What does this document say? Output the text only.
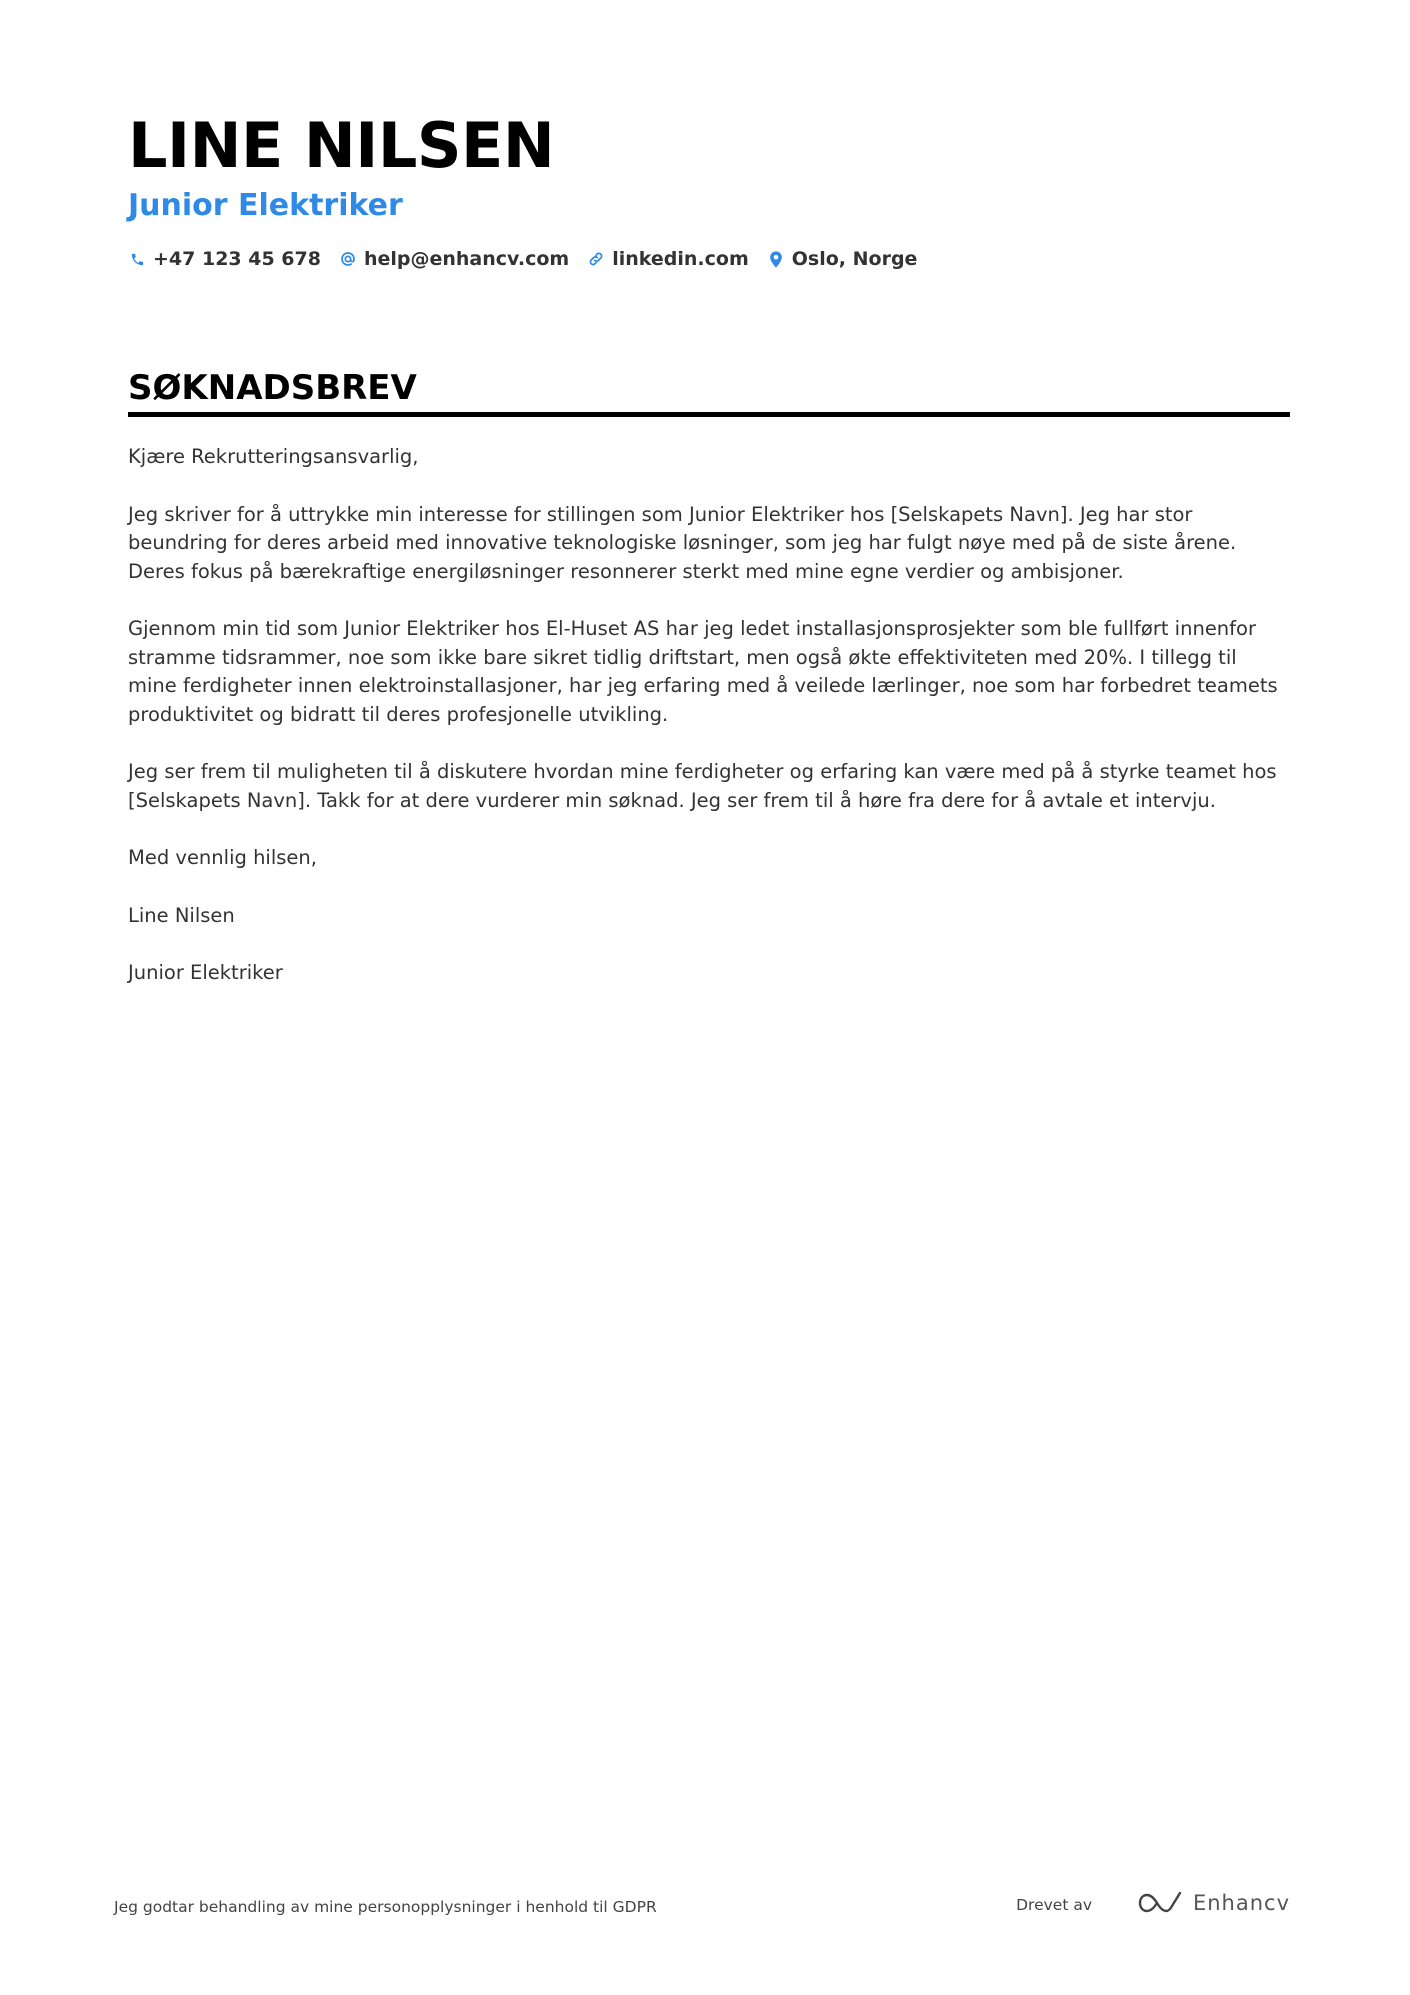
LINE NILSEN
Junior Elektriker
+47 123 45 678 help@enhancv.com linkedin.com Oslo, Norge
SØKNADSBREV

Kjære Rekrutteringsansvarlig,

Jeg skriver for å uttrykke min interesse for stillingen som Junior Elektriker hos [Selskapets Navn]. Jeg har stor beundring for deres arbeid med innovative teknologiske løsninger, som jeg har fulgt nøye med på de siste årene. Deres fokus på bærekraftige energiløsninger resonnerer sterkt med mine egne verdier og ambisjoner.

Gjennom min tid som Junior Elektriker hos El-Huset AS har jeg ledet installasjonsprosjekter som ble fullført innenfor stramme tidsrammer, noe som ikke bare sikret tidlig driftstart, men også økte effektiviteten med 20%. I tillegg til mine ferdigheter innen elektroinstallasjoner, har jeg erfaring med å veilede lærlinger, noe som har forbedret teamets produktivitet og bidratt til deres profesjonelle utvikling.

Jeg ser frem til muligheten til å diskutere hvordan mine ferdigheter og erfaring kan være med på å styrke teamet hos [Selskapets Navn]. Takk for at dere vurderer min søknad. Jeg ser frem til å høre fra dere for å avtale et intervju.

Med vennlig hilsen,

Line Nilsen

Junior Elektriker

Jeg godtar behandling av mine personopplysninger i henhold til GDPR	Drevet av	Enhancv
